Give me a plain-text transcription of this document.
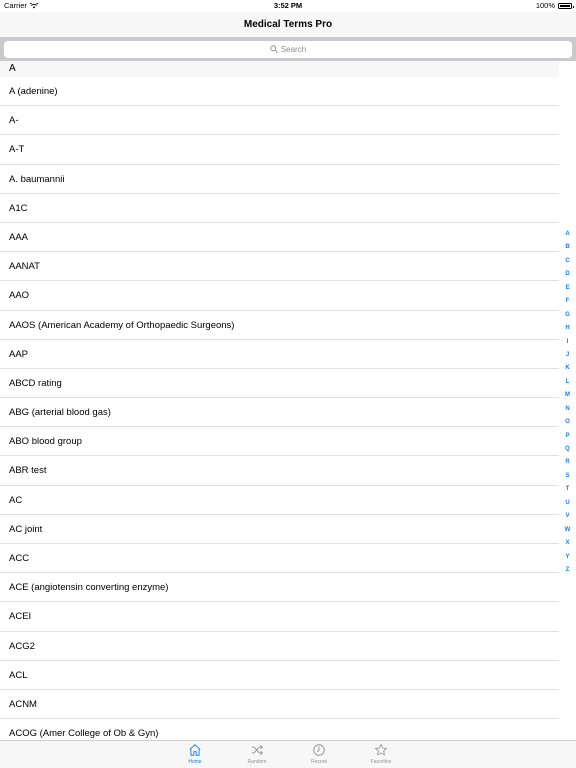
Carrier	3:52 PM	100%
Medical Terms Pro
Search
A
A (adenine)
A-
A-T
A. baumannii
A1C
AAA
AANAT
AAO
AAOS (American Academy of Orthopaedic Surgeons)
AAP
ABCD rating
ABG (arterial blood gas)
ABO blood group
ABR test
AC
AC joint
ACC
ACE (angiotensin converting enzyme)
ACEI
ACG2
ACL
ACNM
ACOG (Amer College of Ob & Gyn)
A
B
C
D
E
F
G
H
I
J
K
L
M
N
O
P
Q
R
S
T
U
V
W
X
Y
Z
Home	Random	Recent	Favorites
